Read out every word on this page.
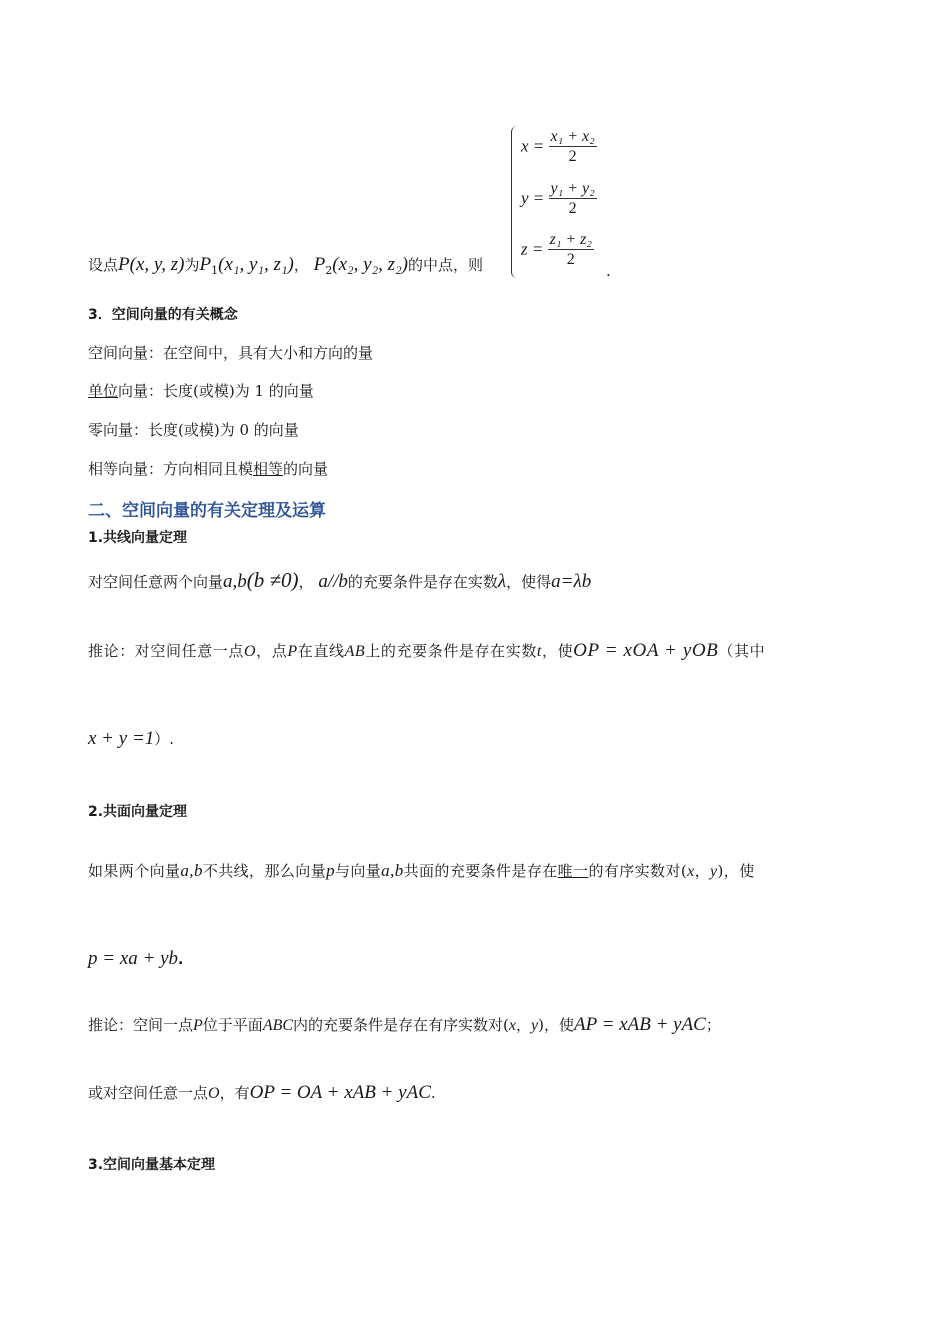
$x = \frac{\text{x₁ + x₂}}{2}$
$y = \frac{\text{y₁ + y₂}}{2}$
$z = \frac{\text{z₁ + z₂}}{2}$
.
设点P(x, y, z)为$P_1(x_1$, y₁, z₁)， $P_2(x_2$, y₂, z₂)的中点，则
3．空间向量的有关概念
空间向量：在空间中，具有大小和方向的量
单位向量：长度(或模)为 1 的向量
零向量：长度(或模)为 0 的向量
相等向量：方向相同且模相等的向量
二、空间向量的有关定理及运算
1.共线向量定理
对空间任意两个向量a,b(b ≠0)， a//b的充要条件是存在实数λ，使得a=λb
推论：对空间任意一点O，点P在直线AB上的充要条件是存在实数t，使OP = xOA + yOB（其中
x + y =1）.
2.共面向量定理
如果两个向量a,b不共线，那么向量p与向量a,b共面的充要条件是存在唯一的有序实数对(x，y)，使
p = xa + yb.
推论：空间一点P位于平面ABC内的充要条件是存在有序实数对(x，y)，使AP = xAB + yAC；
或对空间任意一点O，有OP = OA + xAB + yAC.
3.空间向量基本定理
